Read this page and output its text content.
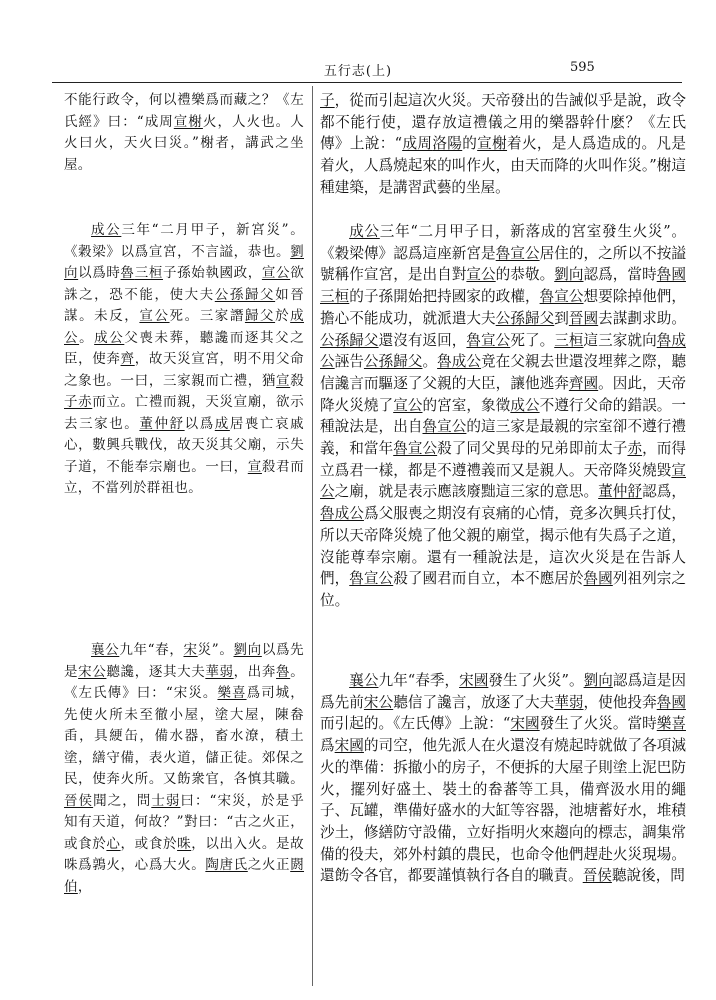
五行志(上)	595

不能行政令，何以禮樂爲而藏之？《左氏經》曰：“成周宣榭火，人火也。人火曰火，天火曰災。”榭者，講武之坐屋。

成公三年“二月甲子，新宮災”。《穀梁》以爲宣宮，不言謚，恭也。劉向以爲時魯三桓子孫始執國政，宣公欲誅之，恐不能，使大夫公孫歸父如晉謀。未反，宣公死。三家譖歸父於成公。成公父喪未葬，聽讒而逐其父之臣，使奔齊，故天災宣宮，明不用父命之象也。一曰，三家親而亡禮，猶宣殺子赤而立。亡禮而親，天災宣廟，欲示去三家也。董仲舒以爲成居喪亡哀戚心，數興兵戰伐，故天災其父廟，示失子道，不能奉宗廟也。一曰，宣殺君而立，不當列於群祖也。

襄公九年“春，宋災”。劉向以爲先是宋公聽讒，逐其大夫華弱，出奔魯。《左氏傳》曰：“宋災。樂喜爲司城，先使火所未至徹小屋，塗大屋，陳畚臿，具綆缶，備水器，畜水潦，積土塗，繕守備，表火道，儲正徒。郊保之民，使奔火所。又飭衆官，各慎其職。晉侯聞之，問士弱曰：“宋災，於是乎知有天道，何故？”對曰：“古之火正，或食於心，或食於咮，以出入火。是故咮爲鶉火，心爲大火。陶唐氏之火正閼伯，

子，從而引起這次火災。天帝發出的告誡似乎是說，政令都不能行使，還存放這禮儀之用的樂器幹什麽？《左氏傳》上說：“成周洛陽的宣榭着火，是人爲造成的。凡是着火，人爲燒起來的叫作火，由天而降的火叫作災。”榭這種建築，是講習武藝的坐屋。

成公三年“二月甲子日，新落成的宮室發生火災”。《穀梁傳》認爲這座新宮是魯宣公居住的，之所以不按謚號稱作宣宮，是出自對宣公的恭敬。劉向認爲，當時魯國三桓的子孫開始把持國家的政權，魯宣公想要除掉他們，擔心不能成功，就派遣大夫公孫歸父到晉國去謀劃求助。公孫歸父還沒有返回，魯宣公死了。三桓這三家就向魯成公誣告公孫歸父。魯成公竟在父親去世還沒埋葬之際，聽信讒言而驅逐了父親的大臣，讓他逃奔齊國。因此，天帝降火災燒了宣公的宮室，象徵成公不遵行父命的錯誤。一種說法是，出自魯宣公的這三家是最親的宗室卻不遵行禮義，和當年魯宣公殺了同父異母的兄弟即前太子赤，而得立爲君一樣，都是不遵禮義而又是親人。天帝降災燒毀宣公之廟，就是表示應該廢黜這三家的意思。董仲舒認爲，魯成公爲父服喪之期沒有哀痛的心情，竟多次興兵打仗，所以天帝降災燒了他父親的廟堂，揭示他有失爲子之道，沒能尊奉宗廟。還有一種說法是，這次火災是在告訴人們，魯宣公殺了國君而自立，本不應居於魯國列祖列宗之位。

襄公九年“春季，宋國發生了火災”。劉向認爲這是因爲先前宋公聽信了讒言，放逐了大夫華弱，使他投奔魯國而引起的。《左氏傳》上說：“宋國發生了火災。當時樂喜爲宋國的司空，他先派人在火還沒有燒起時就做了各項滅火的準備：拆撤小的房子，不便拆的大屋子則塗上泥巴防火，擺列好盛土、裝土的畚蕃等工具，備齊汲水用的繩子、瓦罐，準備好盛水的大缸等容器，池塘蓄好水，堆積沙土，修繕防守設備，立好指明火來趨向的標志，調集常備的役夫，郊外村鎮的農民，也命令他們趕赴火災現場。還飭令各官，都要謹慎執行各自的職責。晉侯聽說後，問
